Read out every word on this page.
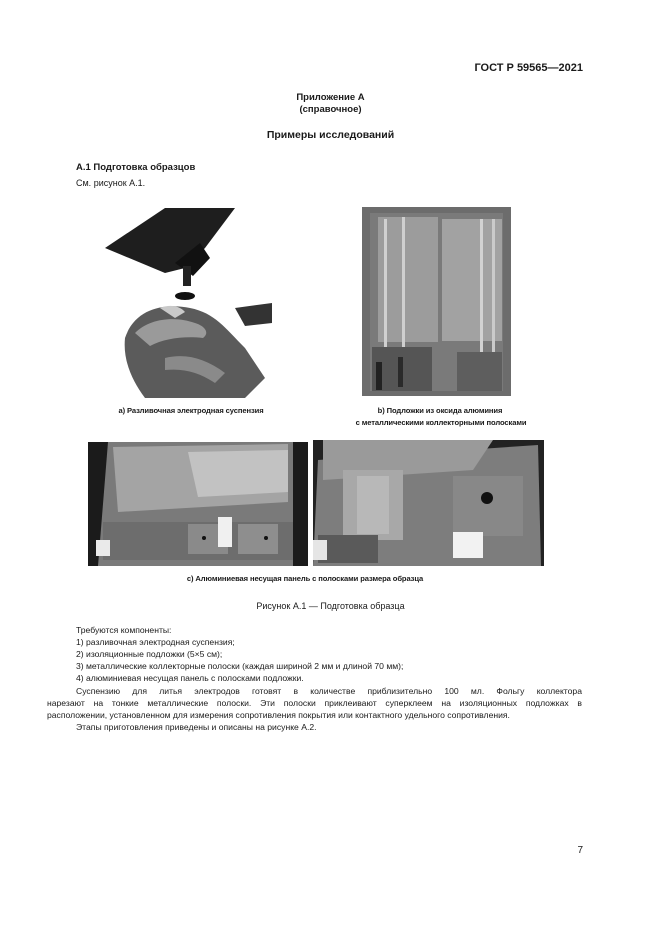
ГОСТ Р 59565—2021
Приложение А
(справочное)
Примеры исследований
А.1 Подготовка образцов
См. рисунок А.1.
a) Разливочная электродная суспензия	b) Подложки из оксида алюминия
с металлическими коллекторными полосками
c) Алюминиевая несущая панель с полосками размера образца
Рисунок А.1 — Подготовка образца

Требуются компоненты:

1) разливочная электродная суспензия;

2) изоляционные подложки (5×5 см);

3) металлические коллекторные полоски (каждая шириной 2 мм и длиной 70 мм);

4) алюминиевая несущая панель с полосками подложки.

Суспензию для литья электродов готовят в количестве приблизительно 100 мл. Фольгу коллектора
нарезают на тонкие металлические полоски. Эти полоски приклеивают суперклеем на изоляционных подложках в
расположении, установленном для измерения сопротивления покрытия или контактного удельного сопротивления.
Этапы приготовления приведены и описаны на рисунке А.2.
7
